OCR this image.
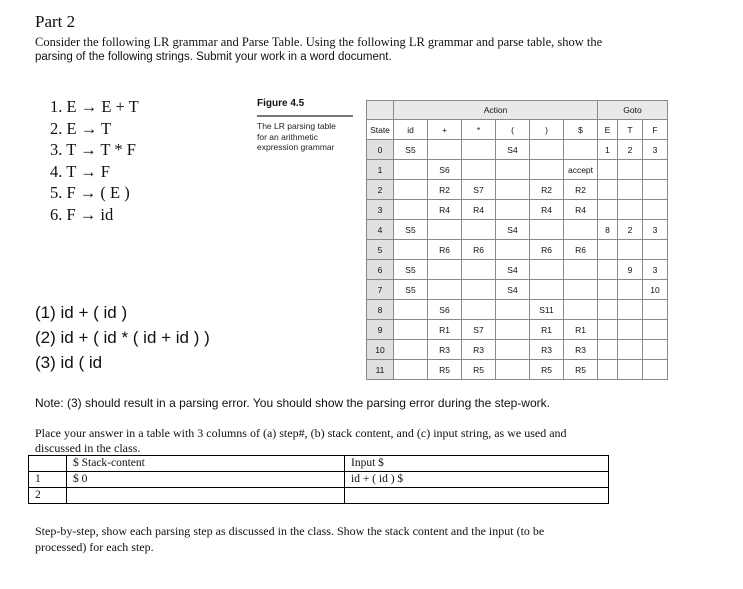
Part 2
Consider the following LR grammar and Parse Table. Using the following LR grammar and parse table, show the
parsing of the following strings. Submit your work in a word document.
1. E → E + T
2. E → T
3. T → T * F
4. T → F
5. F → ( E )
6. F → id
Figure 4.5
The LR parsing table
for an arithmetic
expression grammar
	Action						Goto		
State	id	+	*	(	)	$	E	T	F
0	S5			S4			1	2	3
1		S6				accept			
2		R2	S7		R2	R2			
3		R4	R4		R4	R4			
4	S5			S4			8	2	3
5		R6	R6		R6	R6			
6	S5			S4				9	3
7	S5			S4					10
8		S6			S11				
9		R1	S7		R1	R1			
10		R3	R3		R3	R3			
11		R5	R5		R5	R5			
(1) id + ( id )
(2) id + ( id * ( id + id ) )
(3) id ( id
Note: (3) should result in a parsing error. You should show the parsing error during the step-work.
Place your answer in a table with 3 columns of (a) step#, (b) stack content, and (c) input string, as we used and
discussed in the class.
	$ Stack-content	Input $
1	$ 0	id + ( id ) $
2		
Step-by-step, show each parsing step as discussed in the class. Show the stack content and the input (to be
processed) for each step.
